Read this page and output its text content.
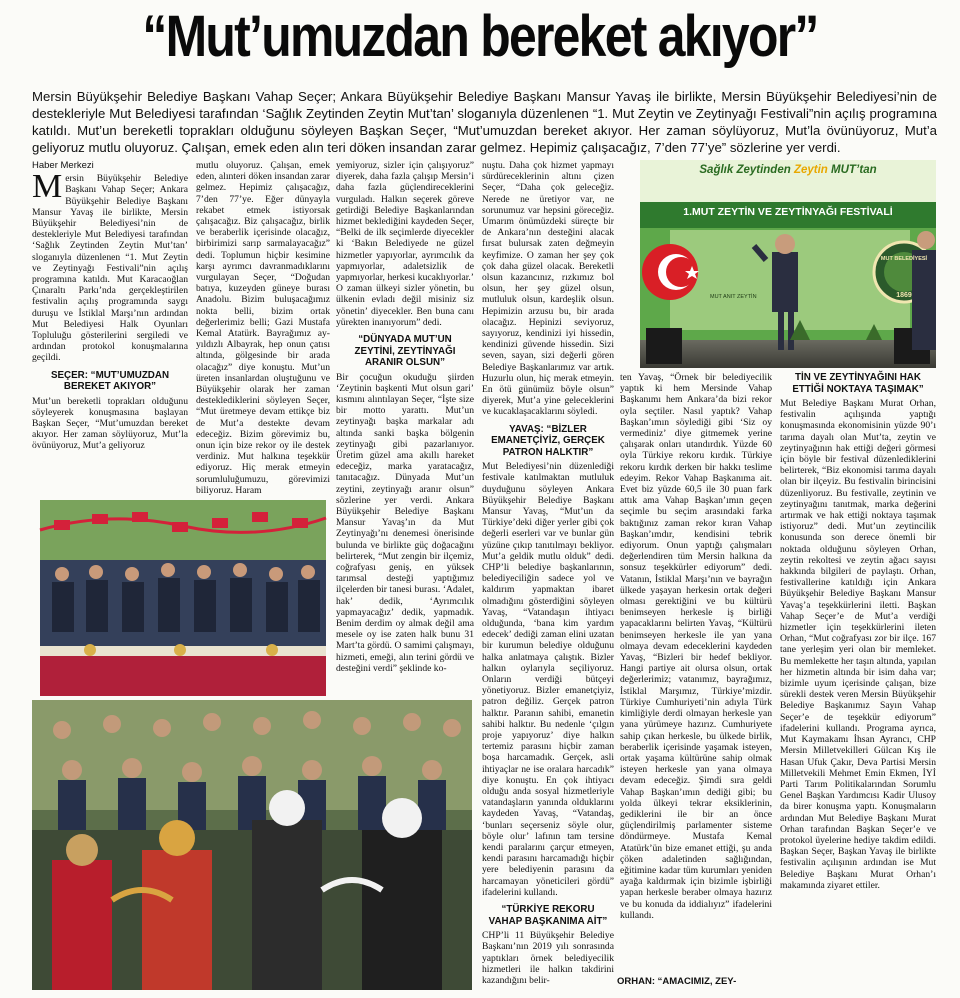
“Mut’umuzdan bereket akıyor”
Mersin Büyükşehir Belediye Başkanı Vahap Seçer; Ankara Büyükşehir Belediye Başkanı Mansur Yavaş ile birlikte, Mersin Büyükşehir Belediyesi’nin de destekleriyle Mut Belediyesi tarafından ‘Sağlık Zeytinden Zeytin Mut’tan’ sloganıyla düzenlenen “1. Mut Zeytin ve Zeytinyağı Festivali”nin açılış programına katıldı. Mut’un bereketli toprakları olduğunu söyleyen Başkan Seçer, “Mut’umuzdan bereket akıyor. Her zaman söylüyoruz, Mut’la övünüyoruz, Mut’a geliyoruz mutlu oluyoruz. Çalışan, emek eden alın teri döken insandan zarar gelmez. Hepimiz çalışacağız, 7’den 77’ye” sözlerine yer verdi.
Haber Merkezi
M ersin Büyükşehir Belediye Başkanı Vahap Seçer; Ankara Büyükşehir Belediye Başkanı Mansur Yavaş ile birlikte, Mersin Büyükşehir Belediyesi’nin de destekleriyle Mut Belediyesi tarafından ‘Sağlık Zeytinden Zeytin Mut’tan’ sloganıyla düzenlenen “1. Mut Zeytin ve Zeytinyağı Festivali”nin açılış programına katıldı. Mut Karacaoğlan Çınaraltı Parkı’nda gerçekleştirilen festivalin açılış programında saygı duruşu ve İstiklal Marşı’nın ardından Mut Belediyesi Halk Oyunları Topluluğu gösterilerini sergiledi ve ardından protokol konuşmalarına geçildi.

SEÇER: “MUT’UMUZDAN BEREKET AKIYOR”

Mut’un bereketli toprakları olduğunu söyleyerek konuşmasına başlayan Başkan Seçer, “Mut’umuzdan bereket akıyor. Her zaman söylüyoruz, Mut’la övünüyoruz, Mut’a geliyoruz

mutlu oluyoruz. Çalışan, emek eden, alınteri döken insandan zarar gelmez. Hepimiz çalışacağız, 7’den 77’ye. Eğer dünyayla rekabet etmek istiyorsak çalışacağız. Biz çalışacağız, birlik ve beraberlik içerisinde olacağız, birbirimizi sarıp sarmalayacağız” dedi. Toplumun hiçbir kesimine karşı ayrımcı davranmadıklarını vurgulayan Seçer, “Doğudan batıya, kuzeyden güneye burası Anadolu. Bizim buluşacağımız nokta belli, bizim ortak değerlerimiz belli; Gazi Mustafa Kemal Atatürk. Bayrağımız ay-yıldızlı Albayrak, hep onun çatısı altında, gölgesinde bir arada olacağız” diye konuştu. Mut’un üreten insanlardan oluştuğunu ve Büyükşehir olarak her zaman desteklediklerini söyleyen Seçer, “Mut üretmeye devam ettikçe biz de Mut’a destekte devam edeceğiz. Bizim görevimiz bu, onun için bize rekor oy ile destek verdiniz. Mut halkına teşekkür ediyoruz. Hiç merak etmeyin sorumluluğumuzu, görevimizi biliyoruz. Haram

yemiyoruz, sizler için çalışıyoruz” diyerek, daha fazla çalışıp Mersin’i daha fazla güçlendireceklerini vurguladı. Halkın seçerek göreve getirdiği Belediye Başkanlarından hizmet beklediğini kaydeden Seçer, “Belki de ilk seçimlerde diyecekler ki ‘Bakın Belediyede ne güzel hizmetler yapıyorlar, ayrımcılık da yapmıyorlar, adaletsizlik de yapmıyorlar, herkesi kucaklıyorlar.’ O zaman ülkeyi sizler yönetin, bu ülkenin evladı değil misiniz siz yönetin’ diyecekler. Ben buna canı yürekten inanıyorum” dedi.

“DÜNYADA MUT’UN ZEYTİNİ, ZEYTİNYAĞI ARANIR OLSUN”

Bir çocuğun okuduğu şiirden ‘Zeytinin başkenti Mut olsun gari’ kısmını alıntılayan Seçer, “İşte size bir motto yarattı. Mut’un zeytinyağı başka markalar adı altında sanki başka bölgenin zeytinyağı gibi pazarlanıyor. Üretim güzel ama akıllı hareket edeceğiz, marka yaratacağız, tanıtacağız. Dünyada Mut’un zeytini, zeytinyağı aranır olsun” sözlerine yer verdi. Ankara Büyükşehir Belediye Başkanı Mansur Yavaş’ın da Mut Zeytinyağı’nı denemesi önerisinde bulunda ve birlikte güç doğacağını belirterek, “Mut zengin bir ilçemiz, coğrafyası geniş, en yüksek tarımsal desteği yaptığımız ilçelerden bir tanesi burası. ‘Adalet, hak’ dedik, ‘Ayrımcılık yapmayacağız’ dedik, yapmadık. Benim derdim oy almak değil ama mesele oy ise zaten halk bunu 31 Mart’ta gördü. O samimi çalışmayı, hizmeti, emeği, alın terini gördü ve desteğini verdi” şeklinde ko-

nuştu. Daha çok hizmet yapmayı sürdüreceklerinin altını çizen Seçer, “Daha çok geleceğiz. Nerede ne üretiyor var, ne sorunumuz var hepsini göreceğiz. Umarım önümüzdeki süreçte bir de Ankara’nın desteğini alacak fırsat bulursak zaten değmeyin keyfimize. O zaman her şey çok çok daha güzel olacak. Bereketli olsun kazancınız, rızkımız bol olsun, her şey güzel olsun, mutluluk olsun, kardeşlik olsun. Hepimizin arzusu bu, bir arada olacağız. Hepinizi seviyoruz, sayıyoruz, kendinizi iyi hissedin, kendinizi güvende hissedin. Sizi seven, sayan, sizi değerli gören Belediye Başkanlarımız var artık. Huzurlu olun, hiç merak etmeyin. En ötü günümüz böyle olsun” diyerek, Mut’a yine geleceklerini ve kucaklaşacaklarını söyledi.

YAVAŞ: “BİZLER EMANETÇİYİZ, GERÇEK PATRON HALKTIR”

Mut Belediyesi’nin düzenlediği festivale katılmaktan mutluluk duyduğunu söyleyen Ankara Büyükşehir Belediye Başkanı Mansur Yavaş, “Mut’un da Türkiye’deki diğer yerler gibi çok değerli eserleri var ve bunlar gün yüzüne çıkıp tanıtılmayı bekliyor. Mut’a geldik mutlu olduk” dedi. CHP’li belediye başkanlarının, belediyeciliğin sadece yol ve kaldırım yapmaktan ibaret olmadığını gösterdiğini söyleyen Yavaş, “Vatandaşın ihtiyacı olduğunda, ‘bana kim yardım edecek’ dediği zaman elini uzatan bir kurumun belediye olduğunu halka anlatmaya çalıştık. Bizler halkın oylarıyla seçiliyoruz. Onların verdiği bütçeyi yönetiyoruz. Bizler emanetçiyiz, patron değiliz. Gerçek patron halktır. Paranın sahibi, emanetin sahibi halktır. Bu nedenle ‘çılgın proje yapıyoruz’ diye halkın tertemiz parasını hiçbir zaman boşa harcamadık. Gerçek, asli ihtiyaçlar ne ise oralara harcadık” diye konuştu. En çok ihtiyacı olduğu anda sosyal hizmetleriyle vatandaşların yanında olduklarını kaydeden Yavaş, “Vatandaş, ‘bunları seçerseniz söyle olur, böyle olur’ lafının tam tersine kendi paralarını çarçur etmeyen, kendi parasını harcamadığı hiçbir yere belediyenin parasını da harcamayan yöneticileri gördü” ifadelerini kullandı.

“TÜRKİYE REKORU VAHAP BAŞKANIMA AİT”

CHP’li 11 Büyükşehir Belediye Başkanı’nın 2019 yılı sonrasında yaptıkları örnek belediyecilik hizmetleri ile halkın takdirini kazandığını belir-

ten Yavaş, “Örnek bir belediyecilik yaptık ki hem Mersinde Vahap Başkanımı hem Ankara’da bizi rekor oyla seçtiler. Nasıl yaptık? Vahap Başkan’ımın söylediği gibi ‘Siz oy vermediniz’ diye gitmemek yerine çalışarak onları utandırdık. Yüzde 60 oyla Türkiye rekoru kırdık. Türkiye rekoru kırdık derken bir hakkı teslime edeyim. Rekor Vahap Başkanıma ait. Evet biz yüzde 60,5 ile 30 puan fark attık ama Vahap Başkan’ımın geçen seçimle bu seçim arasındaki farka baktığınız zaman rekor kıran Vahap Başkan’ımdır, kendisini tebrik ediyorum. Onun yaptığı çalışmaları değerlendiren tüm Mersin halkına da sonsuz teşekkürler ediyorum” dedi. Vatanın, İstiklal Marşı’nın ve bayrağın ülkede yaşayan herkesin ortak değeri olması gerektiğini ve bu kültürü benimseyen herkesle iş birliği yapacaklarını belirten Yavaş, “Kültürü benimseyen herkesle ile yan yana olmaya devam edeceklerini kaydeden Yavaş, “Bizleri bir hedef bekliyor. Hangi partiye ait olursa olsun, ortak değerlerimiz; vatanımız, bayrağımız, İstiklal Marşımız, Türkiye’mizdir. Türkiye Cumhuriyeti’nin adıyla Türk kimliğiyle derdi olmayan herkesle yan yana yürümeye hazırız. Cumhuriyete sahip çıkan herkesle, bu ülkede birlik, beraberlik içerisinde yaşamak isteyen, ortak yaşama kültürüne sahip olmak isteyen herkesle yan yana olmaya devam edeceğiz. Şimdi sıra geldi Vahap Başkan’ımın dediği gibi; bu yolda ülkeyi tekrar eksiklerinin, gediklerini ile bir an önce güçlendirilmiş parlamenter sisteme döndürmeye. Mustafa Kemal Atatürk’ün bize emanet ettiği, şu anda çöken adaletinden sağlığından, eğitimine kadar tüm kurumları yeniden ayağa kaldırmak için bizimle işbirliği yapan herkesle beraber olmaya hazırız ve bu konuda da iddialıyız” ifadelerini kullandı.

ORHAN: “AMACIMIZ, ZEY-
TİN VE ZEYTİNYAĞINI HAK ETTİĞİ NOKTAYA TAŞIMAK”

Mut Belediye Başkanı Murat Orhan, festivalin açılışında yaptığı konuşmasında ekonomisinin yüzde 90’ı tarıma dayalı olan Mut’ta, zeytin ve zeytinyağının hak ettiği değeri görmesi için böyle bir festival düzenlediklerini belirterek, “Biz ekonomisi tarıma dayalı olan bir ilçeyiz. Bu festivalin birincisini düzenliyoruz. Bu festivalle, zeytinin ve zeytinyağını tanıtmak, marka değerini artırmak ve hak ettiği noktaya taşımak istiyoruz” dedi. Mut’un zeytincilik konusunda son derece önemli bir noktada olduğunu söyleyen Orhan, zeytin rekoltesi ve zeytin ağacı sayısı hakkında bilgileri de paylaştı. Orhan, festivallerine katıldığı için Ankara Büyükşehir Belediye Başkanı Mansur Yavaş’a teşekkürlerini iletti. Başkan Vahap Seçer’e de Mut’a verdiği hizmetler için teşekkürlerini ileten Orhan, “Mut coğrafyası zor bir ilçe. 167 tane yerleşim yeri olan bir memleket. Bu memlekette her taşın altında, yapılan her hizmetin altında bir isim daha var; bizimle uyum içerisinde çalışan, bize sürekli destek veren Mersin Büyükşehir Belediye Başkanımız Sayın Vahap Seçer’e de teşekkür ediyorum” ifadelerini kullandı. Programa ayrıca, Mut Kaymakamı İhsan Ayrancı, CHP Mersin Milletvekilleri Gülcan Kış ile Hasan Ufuk Çakır, Deva Partisi Mersin Milletvekili Mehmet Emin Ekmen, İYİ Parti Tarım Politikalarından Sorumlu Genel Başkan Yardımcısı Kadir Ulusoy da birer konuşma yaptı. Konuşmaların ardından Mut Belediye Başkanı Murat Orhan tarafından Başkan Seçer’e ve protokol üyelerine hediye takdim edildi. Başkan Seçer, Başkan Yavaş ile birlikte festivalin açılışının ardından ise Mut Belediye Başkanı Murat Orhan’ı makamında ziyaret ettiler.

Sağlık Zeytinden Zeytin MUT’tan
1.MUT ZEYTİN VE ZEYTİNYAĞI FESTİVALİ
MUT BELEDİYESİ
1869
MUT ANIT ZEYTİN
